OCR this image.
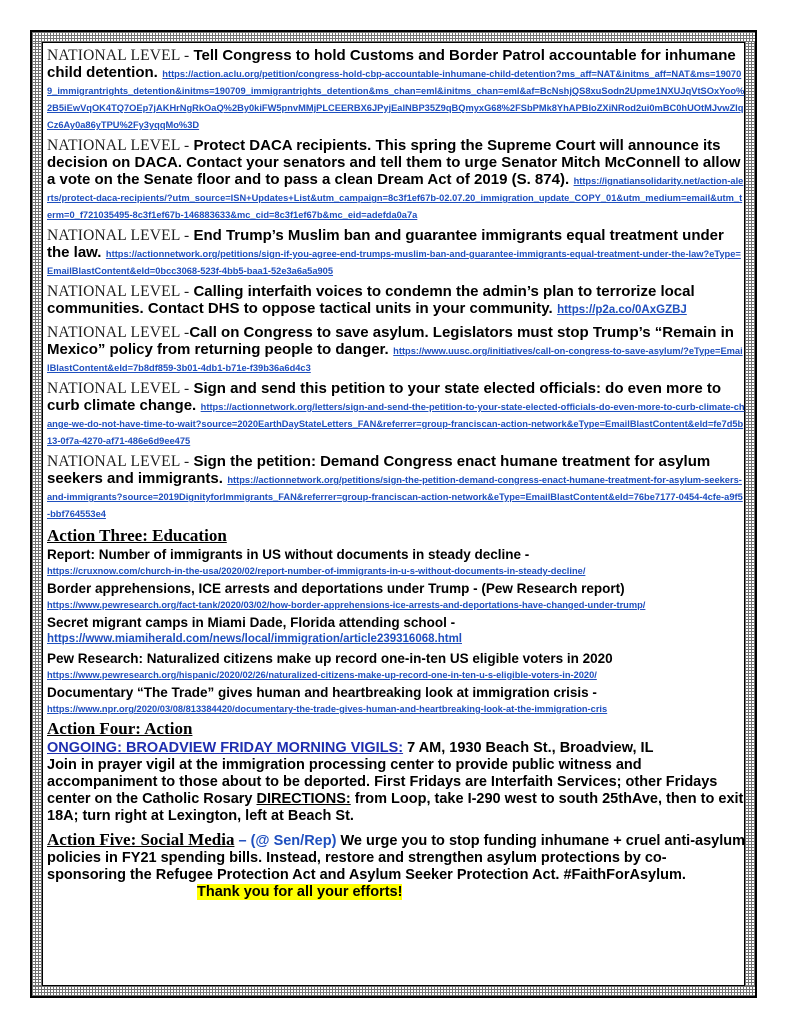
NATIONAL LEVEL - Tell Congress to hold Customs and Border Patrol accountable for inhumane child detention. https://action.aclu.org/petition/congress-hold-cbp-accountable-inhumane-child-detention?ms_aff=NAT&initms_aff=NAT&ms=190709_immigrantrights_detention&initms=190709_immigrantrights_detention&ms_chan=eml&initms_chan=eml&af=BcNshjQS8xuSodn2Upme1NXUJqVtSOxYoo%2B5iEwVqOK4TQ7OEp7jAKHrNgRkOaQ%2By0kiFW5pnvMMjPLCEERBX6JPyjEalNBP35Z9qBQmyxG68%2FSbPMk8YhAPBloZXiNRod2ui0mBC0hUOtMJvwZIqCz6Ay0a86yTPU%2Fy3yqqMo%3D
NATIONAL LEVEL - Protect DACA recipients. This spring the Supreme Court will announce its decision on DACA. Contact your senators and tell them to urge Senator Mitch McConnell to allow a vote on the Senate floor and to pass a clean Dream Act of 2019 (S. 874). https://ignatiansolidarity.net/action-alerts/protect-daca-recipients/?utm_source=ISN+Updates+List&utm_campaign=8c3f1ef67b-02.07.20_immigration_update_COPY_01&utm_medium=email&utm_term=0_f721035495-8c3f1ef67b-146883633&mc_cid=8c3f1ef67b&mc_eid=adefda0a7a
NATIONAL LEVEL - End Trump’s Muslim ban and guarantee immigrants equal treatment under the law. https://actionnetwork.org/petitions/sign-if-you-agree-end-trumps-muslim-ban-and-guarantee-immigrants-equal-treatment-under-the-law?eType=EmailBlastContent&eId=0bcc3068-523f-4bb5-baa1-52e3a6a5a905
NATIONAL LEVEL - Calling interfaith voices to condemn the admin’s plan to terrorize local communities. Contact DHS to oppose tactical units in your community. https://p2a.co/0AxGZBJ
NATIONAL LEVEL -Call on Congress to save asylum. Legislators must stop Trump’s “Remain in Mexico” policy from returning people to danger. https://www.uusc.org/initiatives/call-on-congress-to-save-asylum/?eType=EmailBlastContent&eId=7b8df859-3b01-4db1-b71e-f39b36a6d4c3
NATIONAL LEVEL - Sign and send this petition to your state elected officials: do even more to curb climate change. https://actionnetwork.org/letters/sign-and-send-the-petition-to-your-state-elected-officials-do-even-more-to-curb-climate-change-we-do-not-have-time-to-wait?source=2020EarthDayStateLetters_FAN&referrer=group-franciscan-action-network&eType=EmailBlastContent&eId=fe7d5b13-0f7a-4270-af71-486e6d9ee475
NATIONAL LEVEL - Sign the petition: Demand Congress enact humane treatment for asylum seekers and immigrants. https://actionnetwork.org/petitions/sign-the-petition-demand-congress-enact-humane-treatment-for-asylum-seekers-and-immigrants?source=2019DignityforImmigrants_FAN&referrer=group-franciscan-action-network&eType=EmailBlastContent&eId=76be7177-0454-4cfe-a9f5-bbf764553e4
Action Three: Education
Report: Number of immigrants in US without documents in steady decline -
https://cruxnow.com/church-in-the-usa/2020/02/report-number-of-immigrants-in-u-s-without-documents-in-steady-decline/
Border apprehensions, ICE arrests and deportations under Trump - (Pew Research report)
https://www.pewresearch.org/fact-tank/2020/03/02/how-border-apprehensions-ice-arrests-and-deportations-have-changed-under-trump/
Secret migrant camps in Miami Dade, Florida attending school -
https://www.miamiherald.com/news/local/immigration/article239316068.html
Pew Research: Naturalized citizens make up record one-in-ten US eligible voters in 2020
https://www.pewresearch.org/hispanic/2020/02/26/naturalized-citizens-make-up-record-one-in-ten-u-s-eligible-voters-in-2020/
Documentary “The Trade” gives human and heartbreaking look at immigration crisis -
https://www.npr.org/2020/03/08/813384420/documentary-the-trade-gives-human-and-heartbreaking-look-at-the-immigration-cris
Action Four: Action
ONGOING: BROADVIEW FRIDAY MORNING VIGILS: 7 AM, 1930 Beach St., Broadview, IL
Join in prayer vigil at the immigration processing center to provide public witness and accompaniment to those about to be deported. First Fridays are Interfaith Services; other Fridays center on the Catholic Rosary DIRECTIONS: from Loop, take I-290 west to south 25thAve, then to exit 18A; turn right at Lexington, left at Beach St.
Action Five: Social Media – (@ Sen/Rep) We urge you to stop funding inhumane + cruel anti-asylum policies in FY21 spending bills. Instead, restore and strengthen asylum protections by co-sponsoring the Refugee Protection Act and Asylum Seeker Protection Act. #FaithForAsylum. Thank you for all your efforts!
